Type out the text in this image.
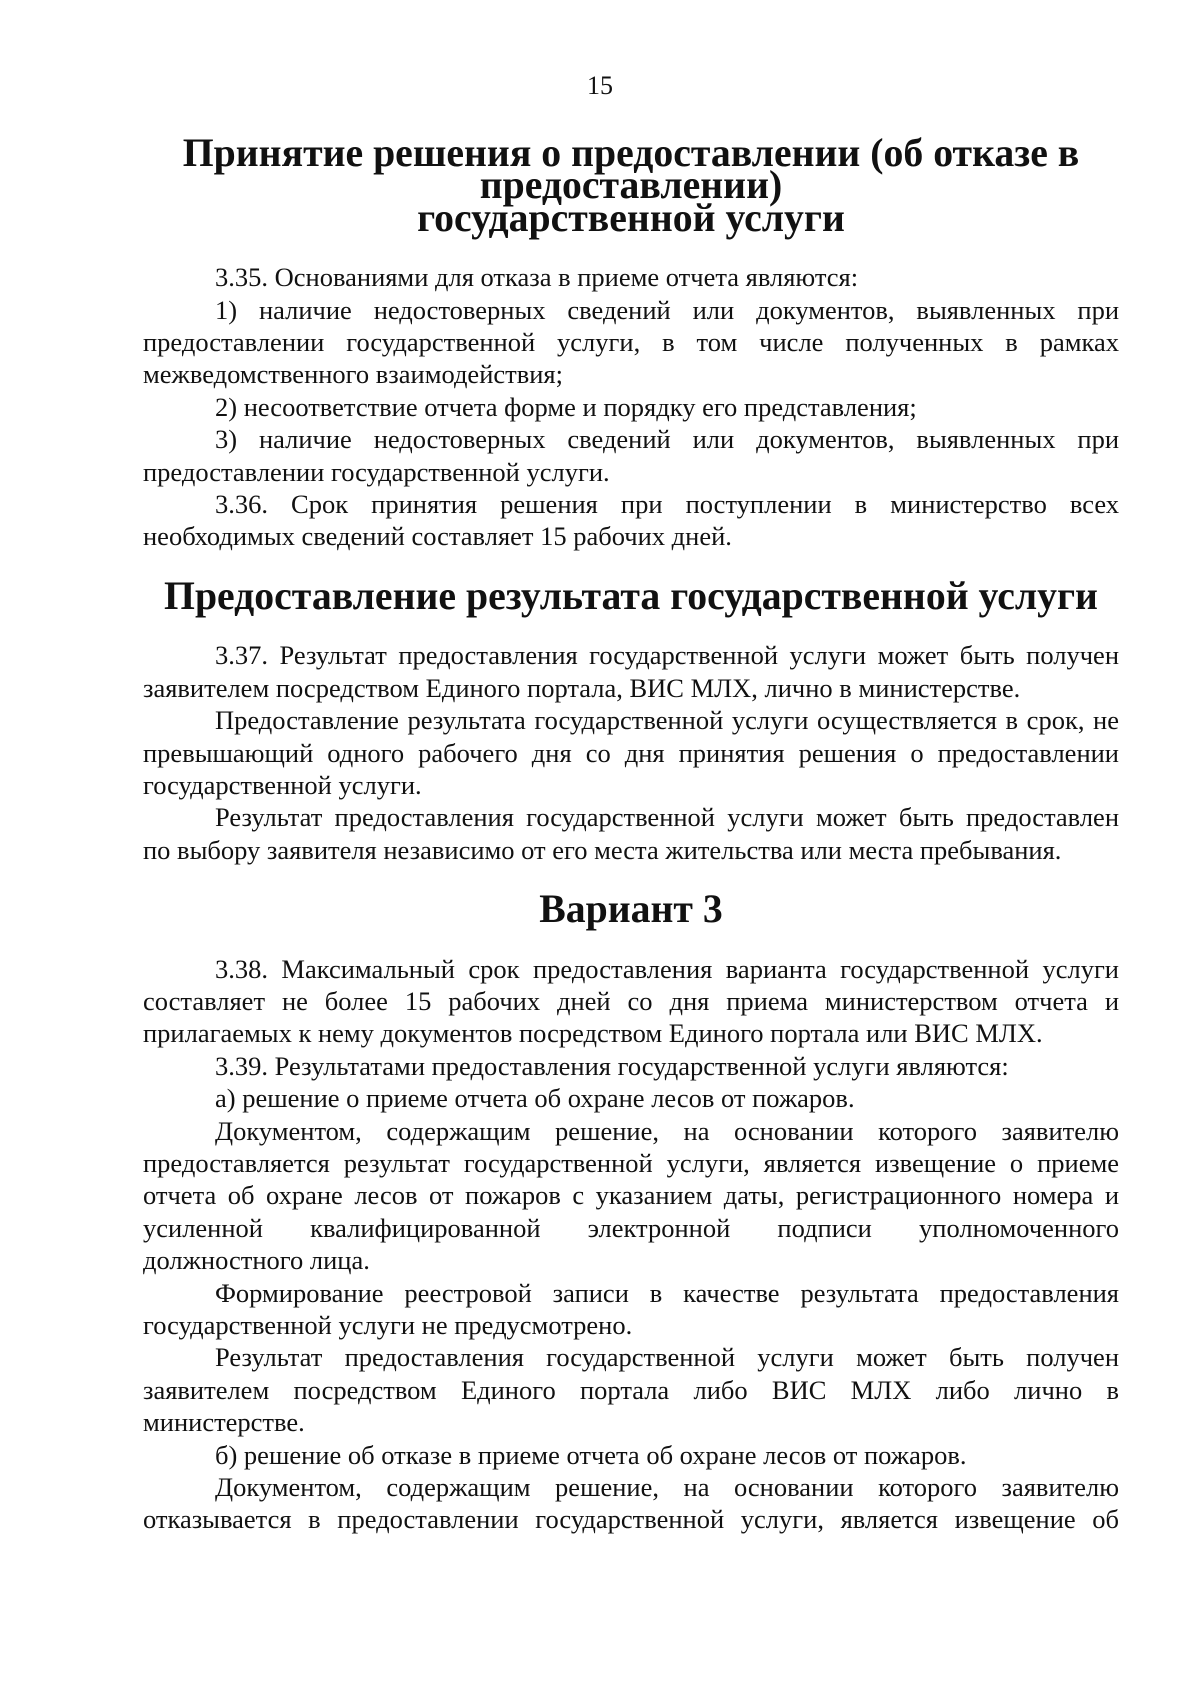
15
Принятие решения о предоставлении (об отказе в предоставлении)
государственной услуги

3.35. Основаниями для отказа в приеме отчета являются:

1) наличие недостоверных сведений или документов, выявленных при предоставлении государственной услуги, в том числе полученных в рамках межведомственного взаимодействия;

2) несоответствие отчета форме и порядку его представления;

3) наличие недостоверных сведений или документов, выявленных при предоставлении государственной услуги.

3.36. Срок принятия решения при поступлении в министерство всех необходимых сведений составляет 15 рабочих дней.

Предоставление результата государственной услуги

3.37. Результат предоставления государственной услуги может быть получен заявителем посредством Единого портала, ВИС МЛХ, лично в министерстве.

Предоставление результата государственной услуги осуществляется в срок, не превышающий одного рабочего дня со дня принятия решения о предоставлении государственной услуги.

Результат предоставления государственной услуги может быть предоставлен по выбору заявителя независимо от его места жительства или места пребывания.

Вариант 3

3.38. Максимальный срок предоставления варианта государственной услуги составляет не более 15 рабочих дней со дня приема министерством отчета и прилагаемых к нему документов посредством Единого портала или ВИС МЛХ.

3.39. Результатами предоставления государственной услуги являются:

а) решение о приеме отчета об охране лесов от пожаров.

Документом, содержащим решение, на основании которого заявителю предоставляется результат государственной услуги, является извещение о приеме отчета об охране лесов от пожаров с указанием даты, регистрационного номера и усиленной квалифицированной электронной подписи уполномоченного должностного лица.

Формирование реестровой записи в качестве результата предоставления государственной услуги не предусмотрено.

Результат предоставления государственной услуги может быть получен заявителем посредством Единого портала либо ВИС МЛХ либо лично в министерстве.

б) решение об отказе в приеме отчета об охране лесов от пожаров.

Документом, содержащим решение, на основании которого заявителю отказывается в предоставлении государственной услуги, является извещение об
